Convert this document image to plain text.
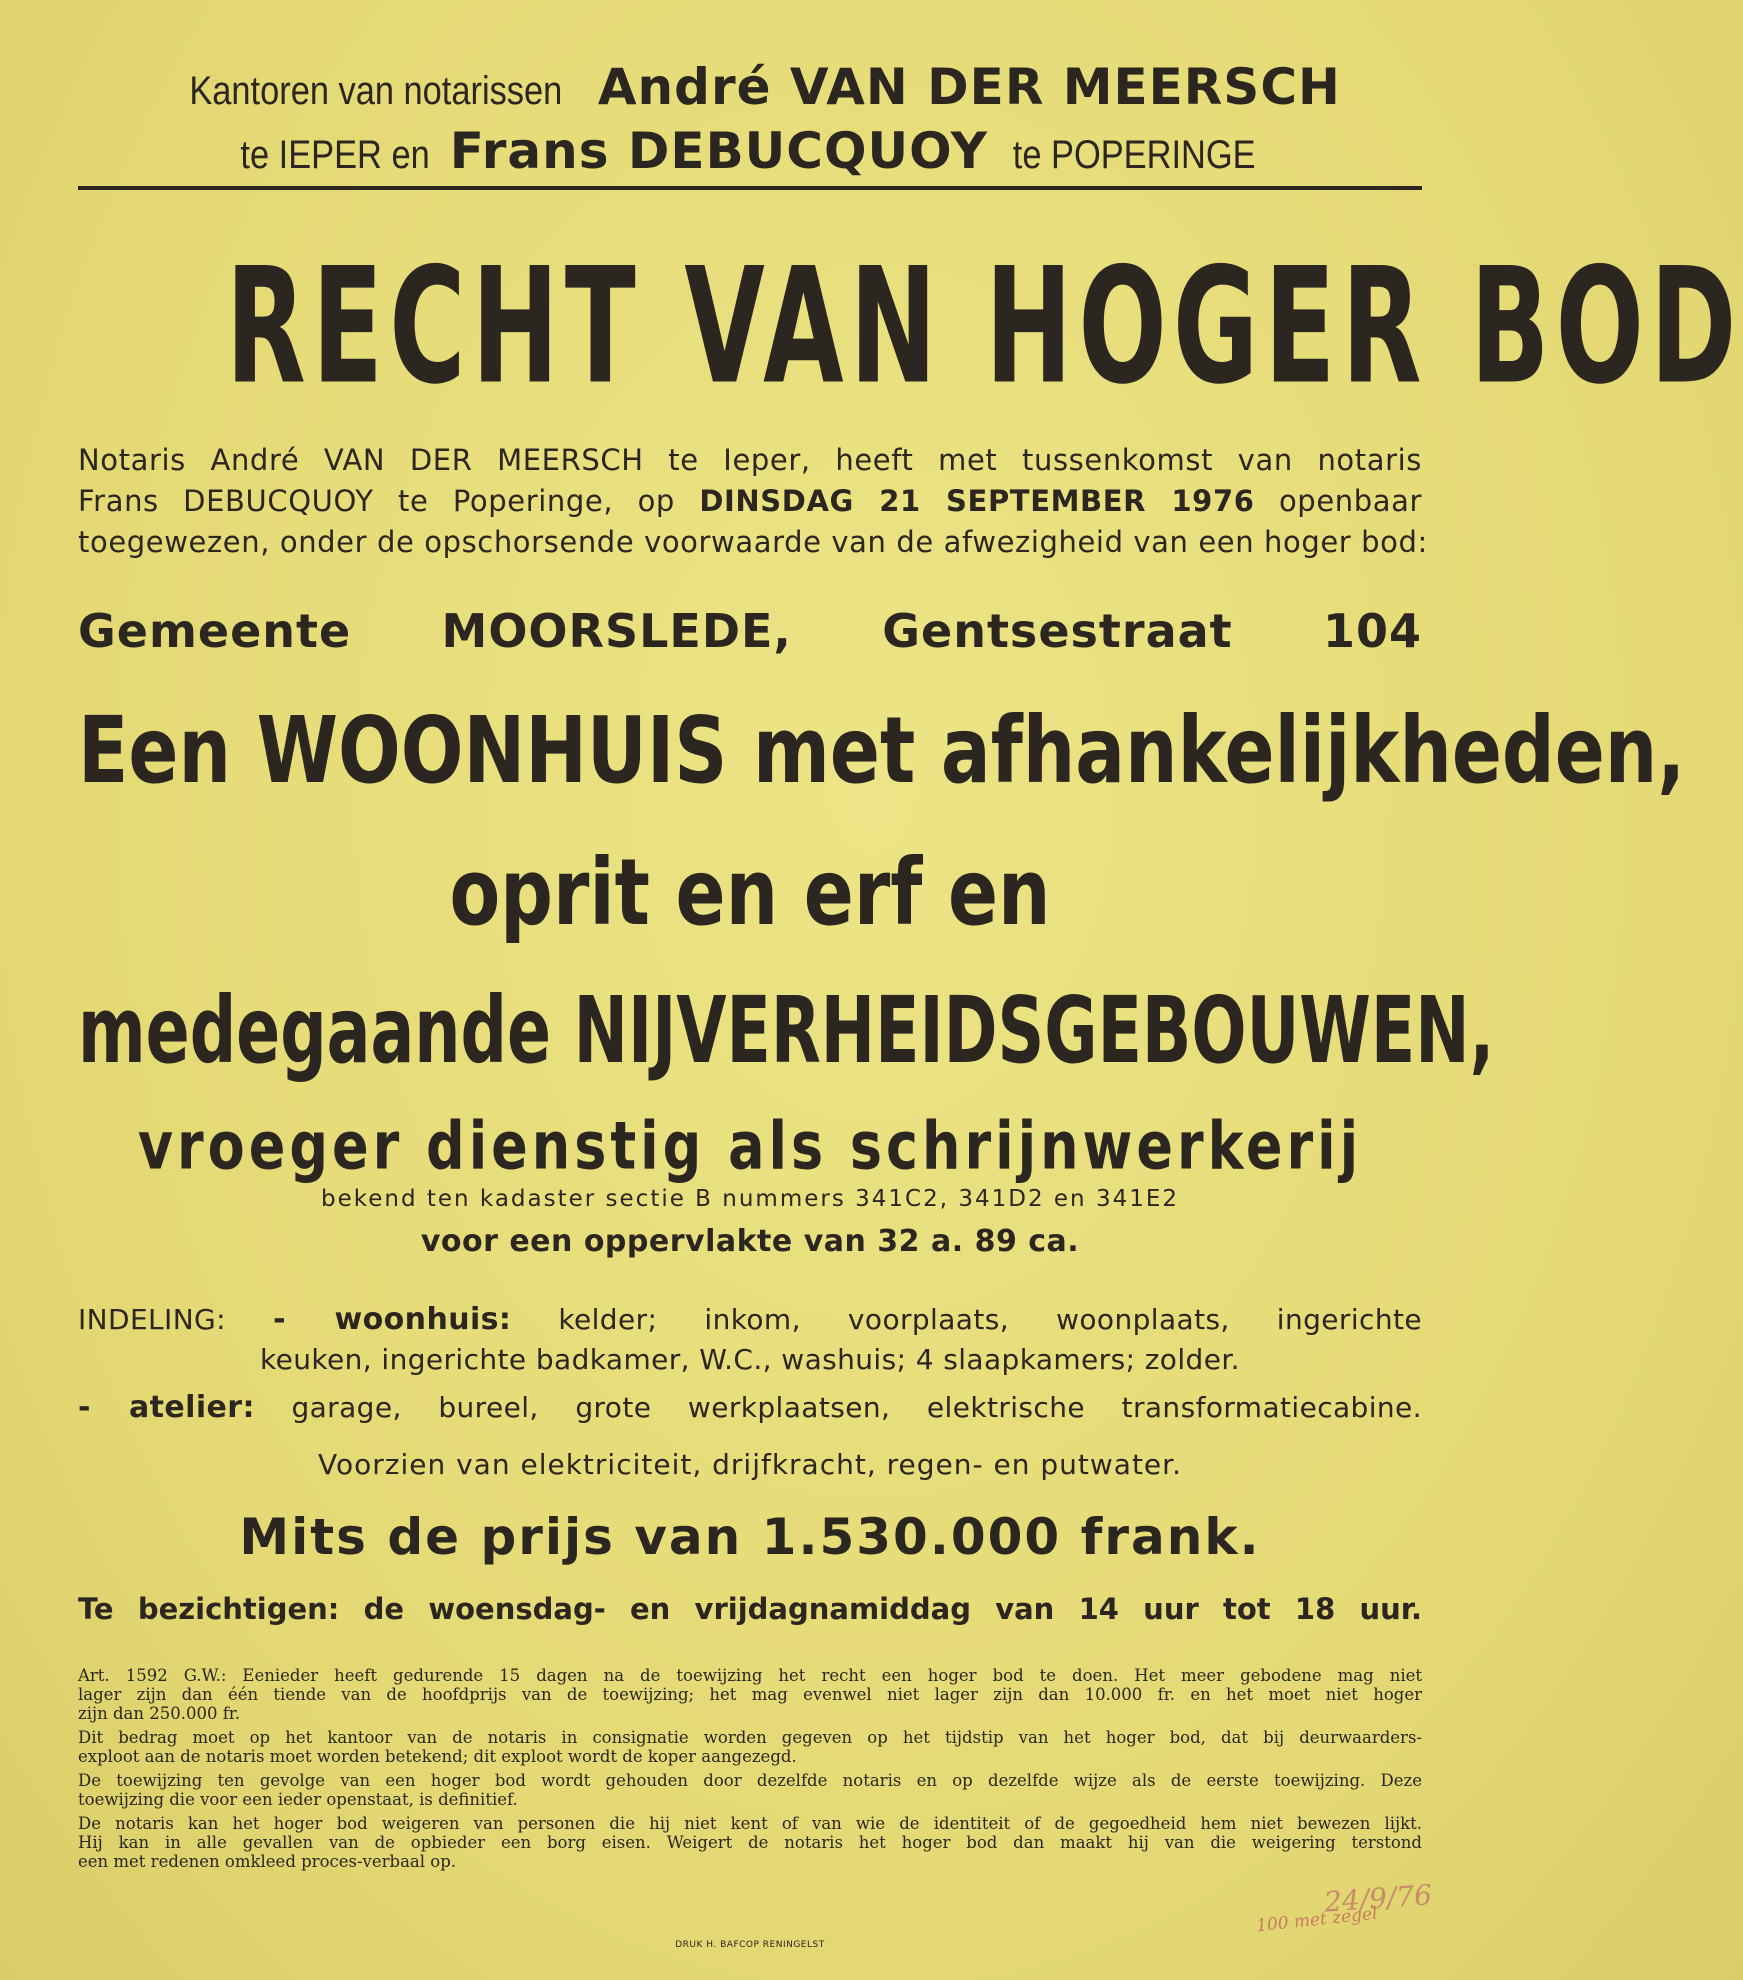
Kantoren van notarissen André VAN DER MEERSCH
te IEPER en Frans DEBUCQUOY te POPERINGE
RECHT VAN HOGER BOD
Notaris André VAN DER MEERSCH te Ieper, heeft met tussenkomst van notaris
Frans DEBUCQUOY te Poperinge, op DINSDAG 21 SEPTEMBER 1976 openbaar
toegewezen, onder de opschorsende voorwaarde van de afwezigheid van een hoger bod:
Gemeente MOORSLEDE, Gentsestraat 104
Een WOONHUIS met afhankelijkheden,
oprit en erf en
medegaande NIJVERHEIDSGEBOUWEN,
vroeger dienstig als schrijnwerkerij
bekend ten kadaster sectie B nummers 341C2, 341D2 en 341E2
voor een oppervlakte van 32 a. 89 ca.
INDELING: - woonhuis: kelder; inkom, voorplaats, woonplaats, ingerichte
keuken, ingerichte badkamer, W.C., washuis; 4 slaapkamers; zolder.
- atelier: garage, bureel, grote werkplaatsen, elektrische transformatiecabine.
Voorzien van elektriciteit, drijfkracht, regen- en putwater.
Mits de prijs van 1.530.000 frank.
Te bezichtigen: de woensdag- en vrijdagnamiddag van 14 uur tot 18 uur.

Art. 1592 G.W.: Eenieder heeft gedurende 15 dagen na de toewijzing het recht een hoger bod te doen. Het meer gebodene mag niet
lager zijn dan één tiende van de hoofdprijs van de toewijzing; het mag evenwel niet lager zijn dan 10.000 fr. en het moet niet hoger
zijn dan 250.000 fr.

Dit bedrag moet op het kantoor van de notaris in consignatie worden gegeven op het tijdstip van het hoger bod, dat bij deurwaarders-
exploot aan de notaris moet worden betekend; dit exploot wordt de koper aangezegd.

De toewijzing ten gevolge van een hoger bod wordt gehouden door dezelfde notaris en op dezelfde wijze als de eerste toewijzing. Deze
toewijzing die voor een ieder openstaat, is definitief.

De notaris kan het hoger bod weigeren van personen die hij niet kent of van wie de identiteit of de gegoedheid hem niet bewezen lijkt.
Hij kan in alle gevallen van de opbieder een borg eisen. Weigert de notaris het hoger bod dan maakt hij van die weigering terstond
een met redenen omkleed proces-verbaal op.

DRUK H. BAFCOP RENINGELST
24/9/76
100 met zegel
